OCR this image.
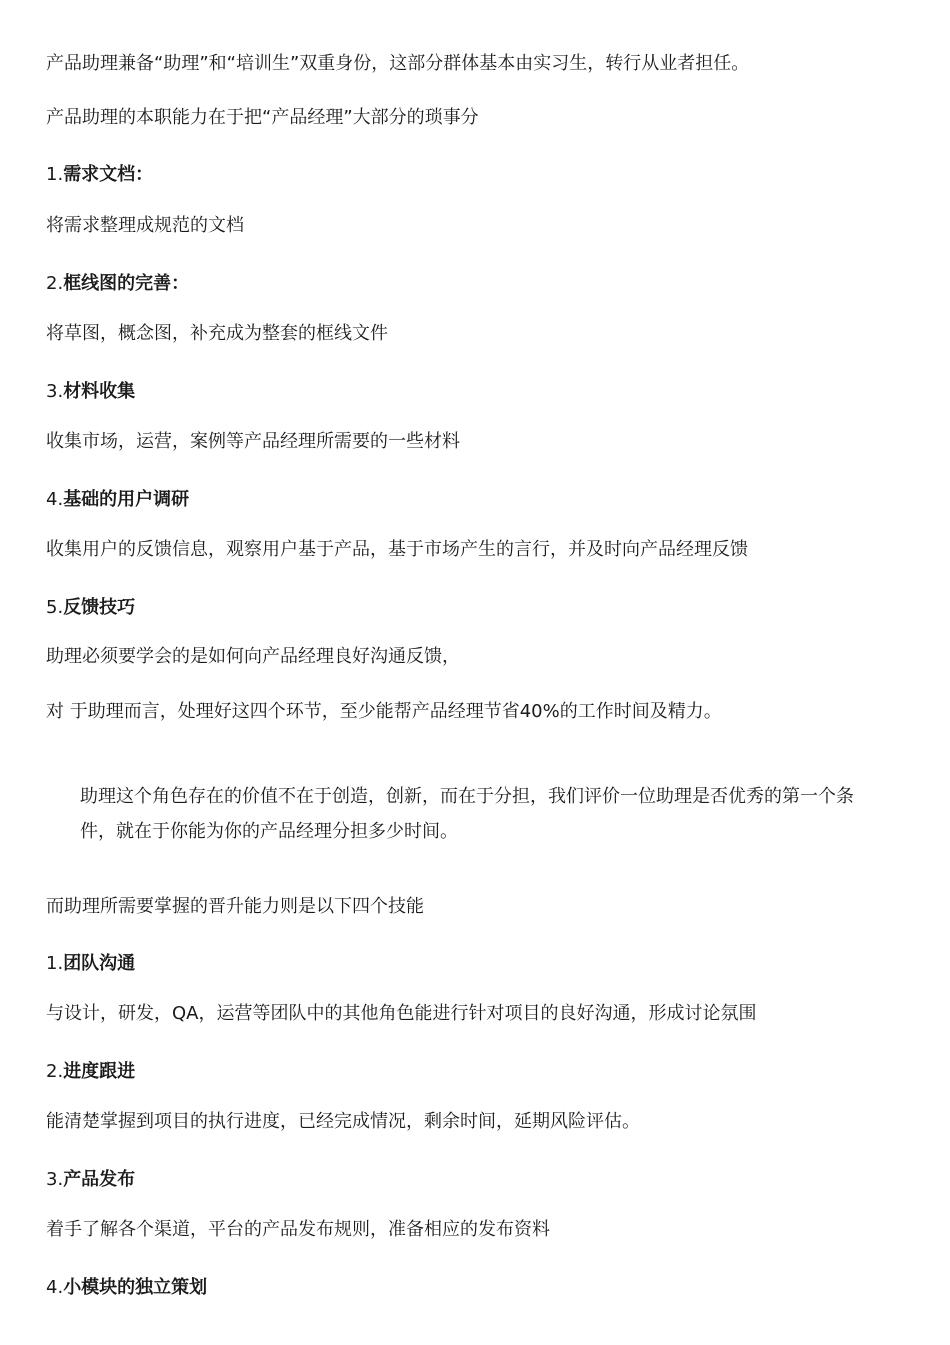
产品助理兼备“助理”和“培训生”双重身份，这部分群体基本由实习生，转行从业者担任。

产品助理的本职能力在于把“产品经理”大部分的琐事分

1.需求文档：

将需求整理成规范的文档

2.框线图的完善：

将草图，概念图，补充成为整套的框线文件

3.材料收集

收集市场，运营，案例等产品经理所需要的一些材料

4.基础的用户调研

收集用户的反馈信息，观察用户基于产品，基于市场产生的言行，并及时向产品经理反馈

5.反馈技巧

助理必须要学会的是如何向产品经理良好沟通反馈，

对 于助理而言，处理好这四个环节，至少能帮产品经理节省40%的工作时间及精力。

助理这个角色存在的价值不在于创造，创新，而在于分担，我们评价一位助理是否优秀的第一个条件，就在于你能为你的产品经理分担多少时间。

而助理所需要掌握的晋升能力则是以下四个技能

1.团队沟通

与设计，研发，QA，运营等团队中的其他角色能进行针对项目的良好沟通，形成讨论氛围

2.进度跟进

能清楚掌握到项目的执行进度，已经完成情况，剩余时间，延期风险评估。

3.产品发布

着手了解各个渠道，平台的产品发布规则，准备相应的发布资料

4.小模块的独立策划
